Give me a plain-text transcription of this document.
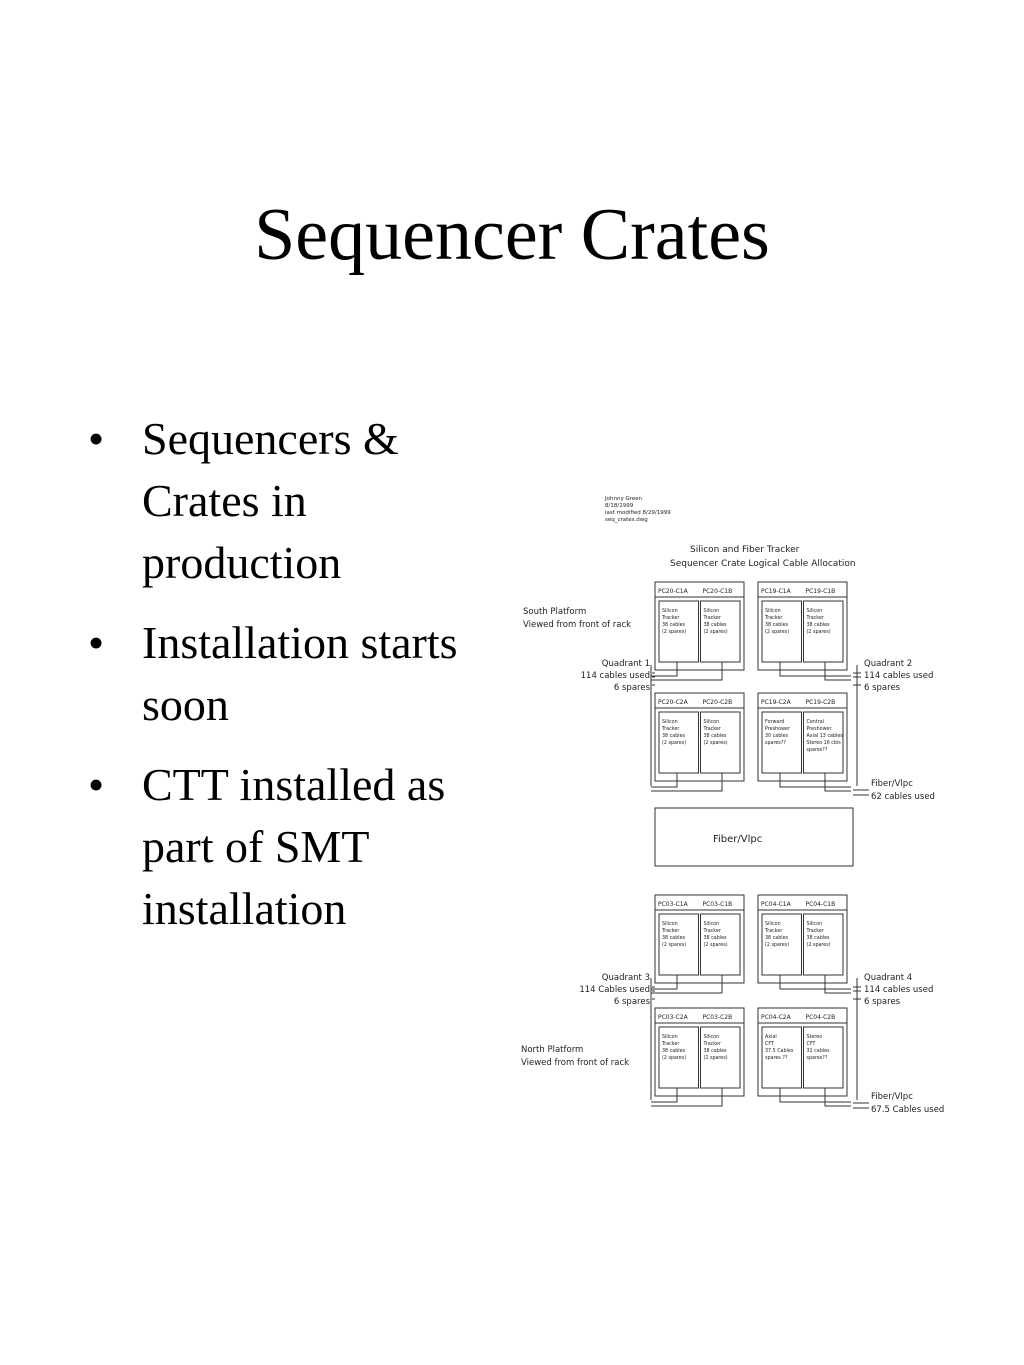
Sequencer Crates
• Sequencers & Crates in production
• Installation starts soon
• CTT installed as part of SMT installation
Johnny Green
8/18/1999
last modified 8/29/1999
seq_crates.dwg
Silicon and Fiber Tracker
Sequencer Crate Logical Cable Allocation
South Platform
Viewed from front of rack
North Platform
Viewed from front of rack
PC20-C1A PC20-C1B
Silicon
Tracker
38 cables
(2 spares)
Silicon
Tracker
38 cables
(2 spares)
PC19-C1A PC19-C1B
Silicon
Tracker
38 cables
(2 spares)
Silicon
Tracker
38 cables
(2 spares)
PC20-C2A PC20-C2B
Silicon
Tracker
38 cables
(2 spares)
Silicon
Tracker
38 cables
(2 spares)
PC19-C2A PC19-C2B
Forward
Preshower
30 cables
spares??
Central
Preshower
Axial 13 cables
Stereo 16 cbls
spares??
PC03-C1A PC03-C1B
Silicon
Tracker
38 cables
(2 spares)
Silicon
Tracker
38 cables
(2 spares)
PC04-C1A PC04-C1B
Silicon
Tracker
38 cables
(2 spares)
Silicon
Tracker
38 cables
(2 spares)
PC03-C2A PC03-C2B
Silicon
Tracker
38 cables
(2 spares)
Silicon
Tracker
38 cables
(2 spares)
PC04-C2A PC04-C2B
Axial
CFT
37.5 Cables
spares ??
Stereo
CFT
31 cables
spares??
Fiber/Vlpc
Quadrant 1
114 cables used
6 spares
Quadrant 2
114 cables used
6 spares
Quadrant 3
114 Cables used
6 spares
Quadrant 4
114 cables used
6 spares
Fiber/Vlpc
62 cables used
Fiber/Vlpc
67.5 Cables used
